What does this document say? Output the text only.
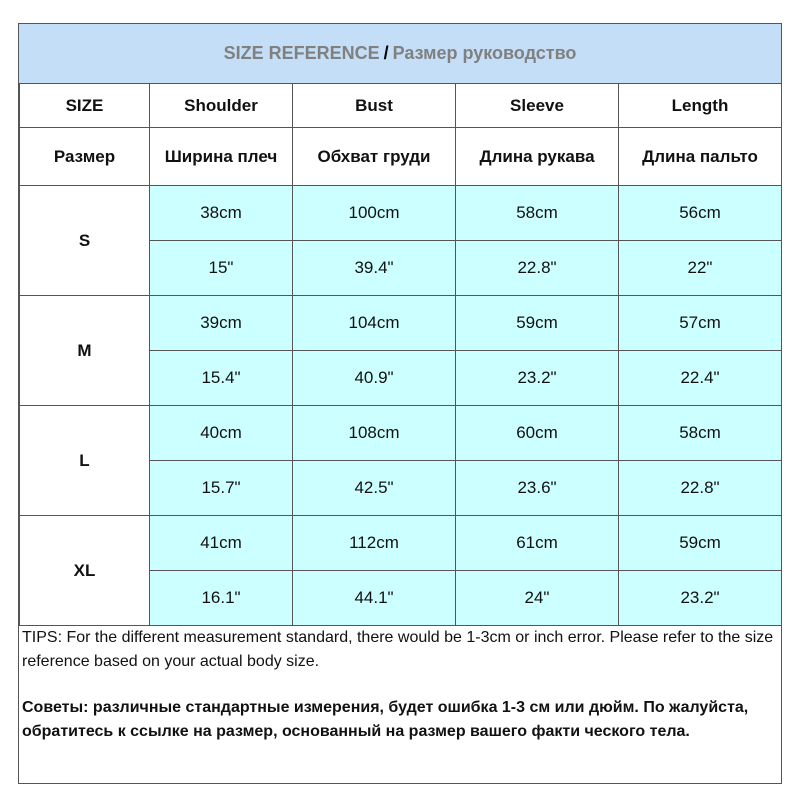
SIZE REFERENCE / Размер руководство
SIZE	Shoulder	Bust	Sleeve	Length
Размер	Ширина плеч	Обхват груди	Длина рукава	Длина пальто
S	38cm	100cm	58cm	56cm
	15"	39.4"	22.8"	22"
M	39cm	104cm	59cm	57cm
	15.4"	40.9"	23.2"	22.4"
L	40cm	108cm	60cm	58cm
	15.7"	42.5"	23.6"	22.8"
XL	41cm	112cm	61cm	59cm
	16.1"	44.1"	24"	23.2"

TIPS: For the different measurement standard, there would be 1-3cm or inch error. Please refer to the size reference based on your actual body size.

Советы: различные стандартные измерения, будет ошибка 1-3 см или дюйм. По жалуйста, обратитесь к ссылке на размер, основанный на размер вашего факти ческого тела.
